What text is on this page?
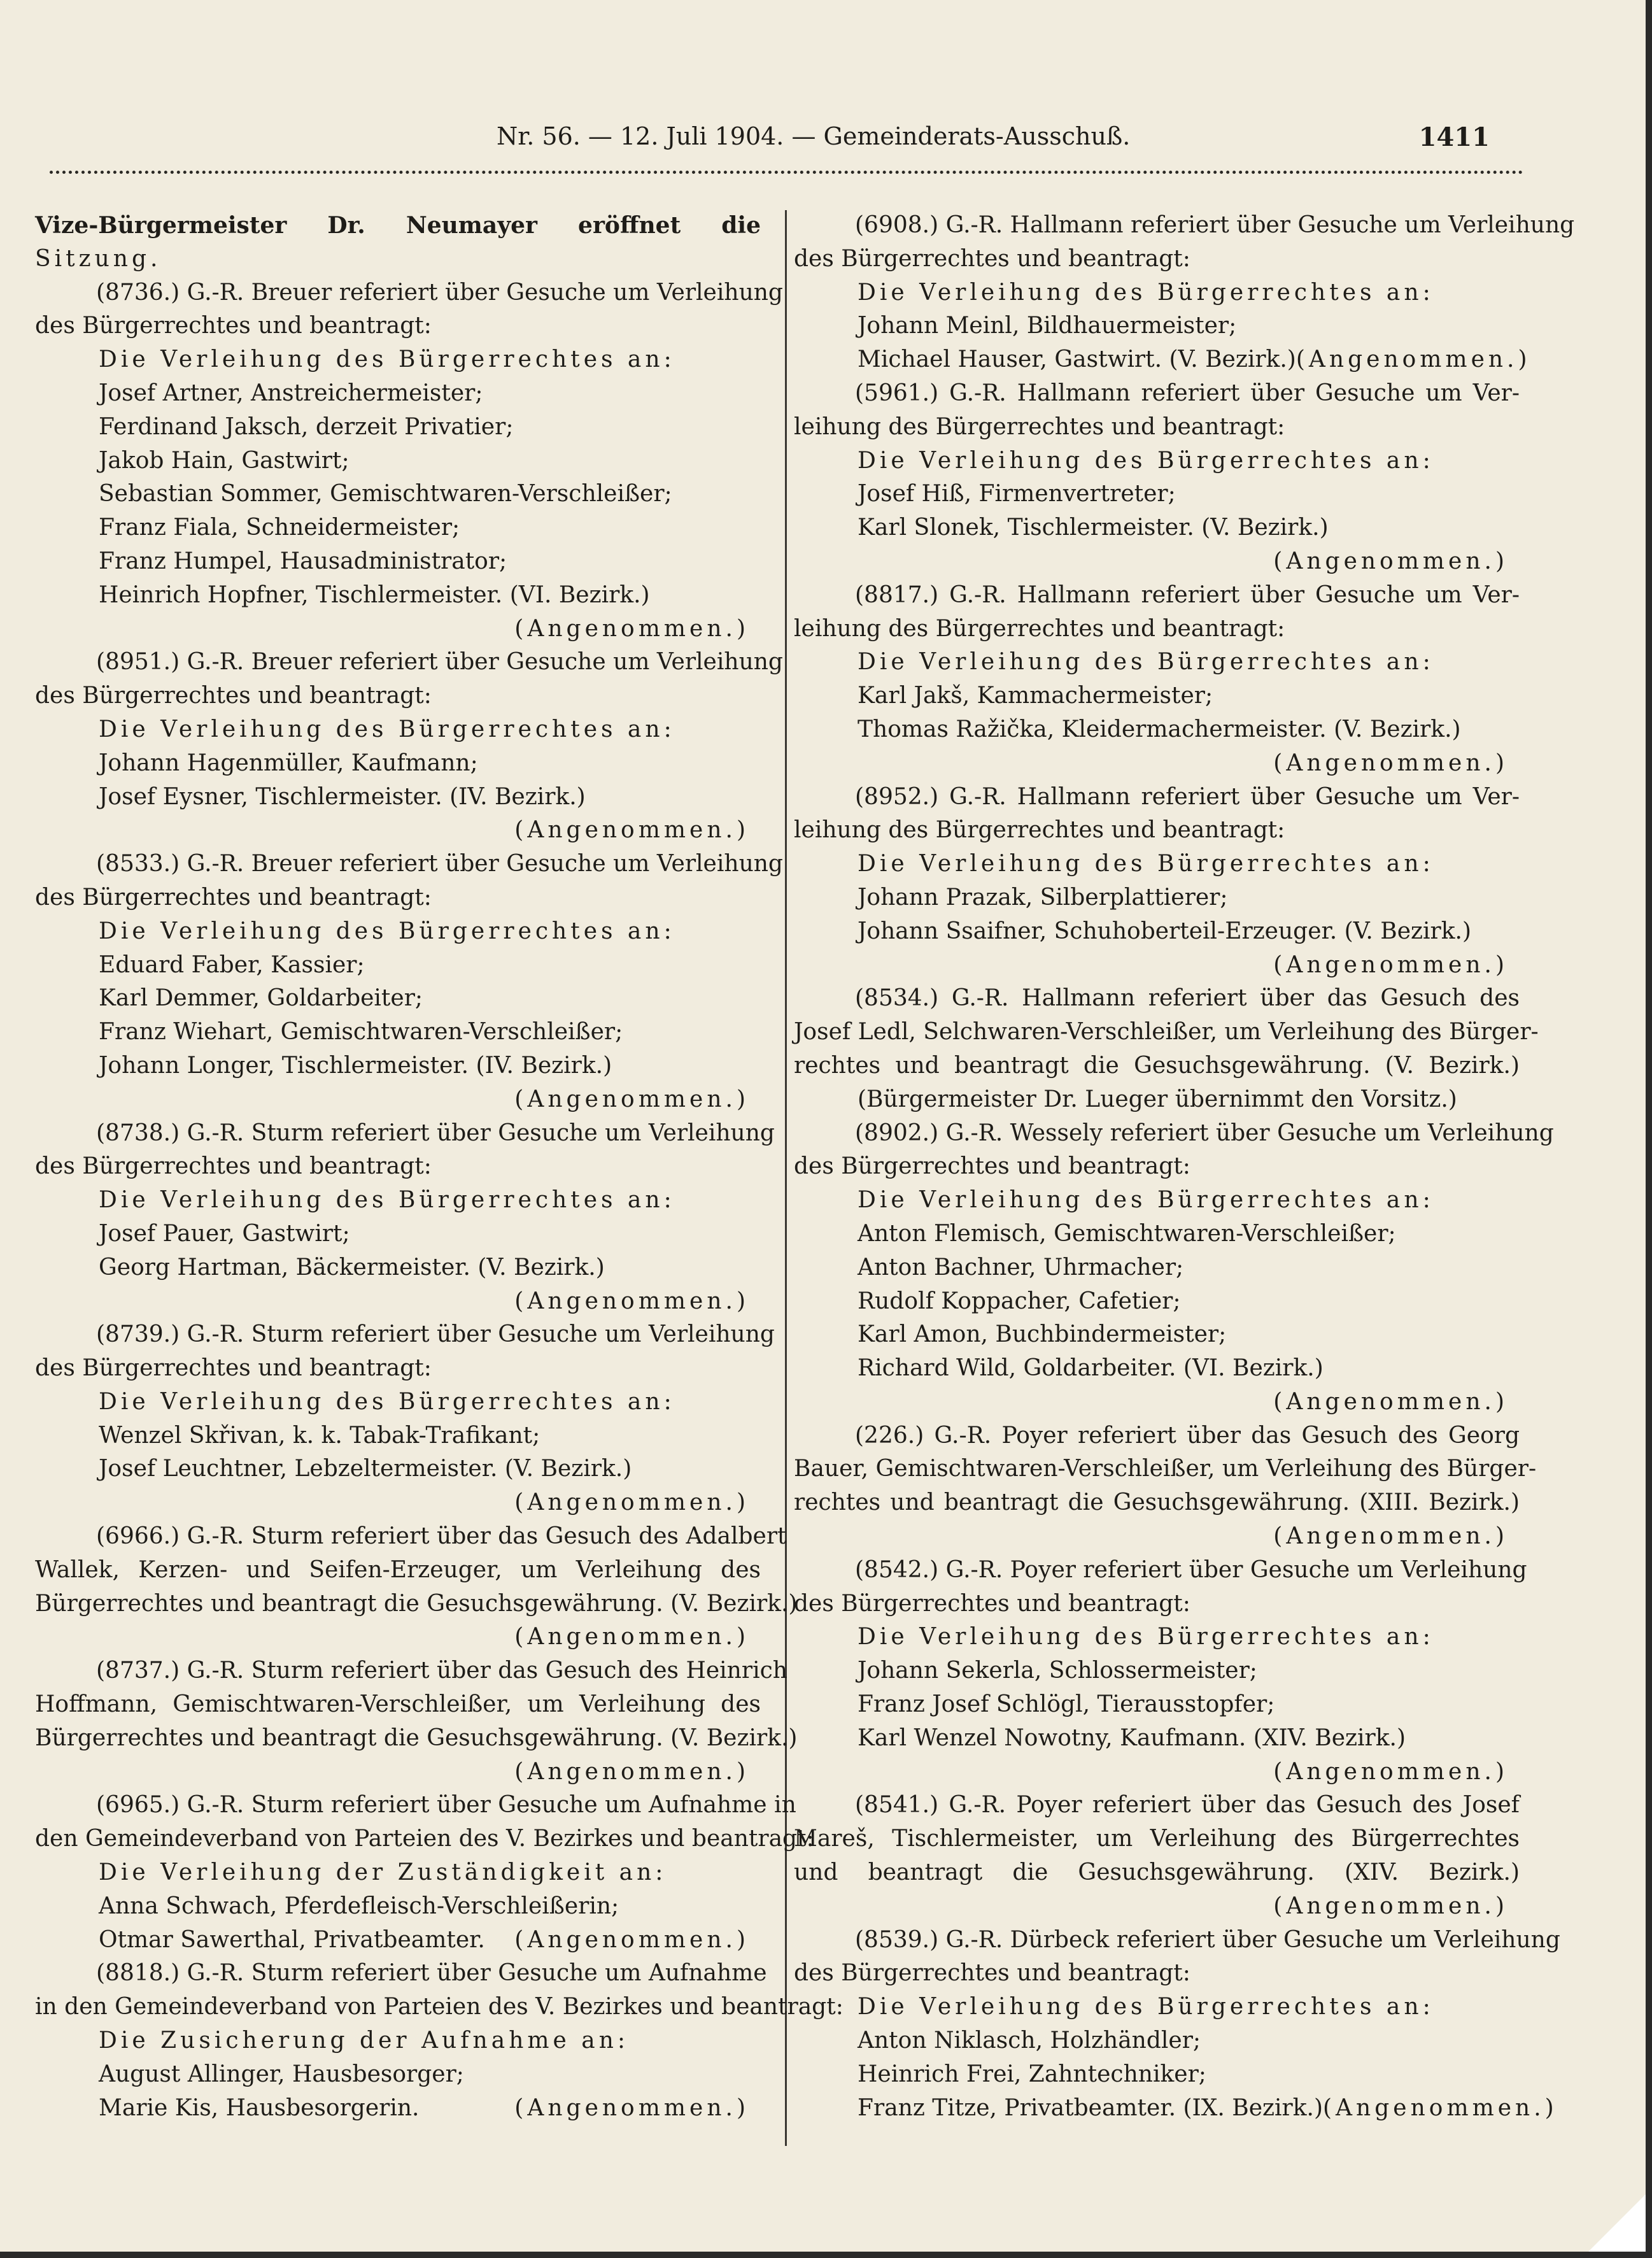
Nr. 56. — 12. Juli 1904. — Gemeinderats-Ausschuß.	1411
Vize-Bürgermeister Dr. Neumayer eröffnet die
Sitzung.
(8736.) G.-R. Breuer referiert über Gesuche um Verleihung
des Bürgerrechtes und beantragt:
Die Verleihung des Bürgerrechtes an:
Josef Artner, Anstreichermeister;
Ferdinand Jaksch, derzeit Privatier;
Jakob Hain, Gastwirt;
Sebastian Sommer, Gemischtwaren-Verschleißer;
Franz Fiala, Schneidermeister;
Franz Humpel, Hausadministrator;
Heinrich Hopfner, Tischlermeister. (VI. Bezirk.)
(Angenommen.)
(8951.) G.-R. Breuer referiert über Gesuche um Verleihung
des Bürgerrechtes und beantragt:
Die Verleihung des Bürgerrechtes an:
Johann Hagenmüller, Kaufmann;
Josef Eysner, Tischlermeister. (IV. Bezirk.)
(Angenommen.)
(8533.) G.-R. Breuer referiert über Gesuche um Verleihung
des Bürgerrechtes und beantragt:
Die Verleihung des Bürgerrechtes an:
Eduard Faber, Kassier;
Karl Demmer, Goldarbeiter;
Franz Wiehart, Gemischtwaren-Verschleißer;
Johann Longer, Tischlermeister. (IV. Bezirk.)
(Angenommen.)
(8738.) G.-R. Sturm referiert über Gesuche um Verleihung
des Bürgerrechtes und beantragt:
Die Verleihung des Bürgerrechtes an:
Josef Pauer, Gastwirt;
Georg Hartman, Bäckermeister. (V. Bezirk.)
(Angenommen.)
(8739.) G.-R. Sturm referiert über Gesuche um Verleihung
des Bürgerrechtes und beantragt:
Die Verleihung des Bürgerrechtes an:
Wenzel Skřivan, k. k. Tabak-Trafikant;
Josef Leuchtner, Lebzeltermeister. (V. Bezirk.)
(Angenommen.)
(6966.) G.-R. Sturm referiert über das Gesuch des Adalbert
Wallek, Kerzen- und Seifen-Erzeuger, um Verleihung des
Bürgerrechtes und beantragt die Gesuchsgewährung. (V. Bezirk.)
(Angenommen.)
(8737.) G.-R. Sturm referiert über das Gesuch des Heinrich
Hoffmann, Gemischtwaren-Verschleißer, um Verleihung des
Bürgerrechtes und beantragt die Gesuchsgewährung. (V. Bezirk.)
(Angenommen.)
(6965.) G.-R. Sturm referiert über Gesuche um Aufnahme in
den Gemeindeverband von Parteien des V. Bezirkes und beantragt:
Die Verleihung der Zuständigkeit an:
Anna Schwach, Pferdefleisch-Verschleißerin;
Otmar Sawerthal, Privatbeamter. (Angenommen.)
(8818.) G.-R. Sturm referiert über Gesuche um Aufnahme
in den Gemeindeverband von Parteien des V. Bezirkes und beantragt:
Die Zusicherung der Aufnahme an:
August Allinger, Hausbesorger;
Marie Kis, Hausbesorgerin.	(Angenommen.)
(6908.) G.-R. Hallmann referiert über Gesuche um Verleihung
des Bürgerrechtes und beantragt:
Die Verleihung des Bürgerrechtes an:
Johann Meinl, Bildhauermeister;
Michael Hauser, Gastwirt. (V. Bezirk.) (Angenommen.)
(5961.) G.-R. Hallmann referiert über Gesuche um Ver-
leihung des Bürgerrechtes und beantragt:
Die Verleihung des Bürgerrechtes an:
Josef Hiß, Firmenvertreter;
Karl Slonek, Tischlermeister. (V. Bezirk.)
(Angenommen.)
(8817.) G.-R. Hallmann referiert über Gesuche um Ver-
leihung des Bürgerrechtes und beantragt:
Die Verleihung des Bürgerrechtes an:
Karl Jakš, Kammachermeister;
Thomas Ražička, Kleidermachermeister. (V. Bezirk.)
(Angenommen.)
(8952.) G.-R. Hallmann referiert über Gesuche um Ver-
leihung des Bürgerrechtes und beantragt:
Die Verleihung des Bürgerrechtes an:
Johann Prazak, Silberplattierer;
Johann Ssaifner, Schuhoberteil-Erzeuger. (V. Bezirk.)
(Angenommen.)
(8534.) G.-R. Hallmann referiert über das Gesuch des
Josef Ledl, Selchwaren-Verschleißer, um Verleihung des Bürger-
rechtes und beantragt die Gesuchsgewährung. (V. Bezirk.)
(Bürgermeister Dr. Lueger übernimmt den Vorsitz.)
(8902.) G.-R. Wessely referiert über Gesuche um Verleihung
des Bürgerrechtes und beantragt:
Die Verleihung des Bürgerrechtes an:
Anton Flemisch, Gemischtwaren-Verschleißer;
Anton Bachner, Uhrmacher;
Rudolf Koppacher, Cafetier;
Karl Amon, Buchbindermeister;
Richard Wild, Goldarbeiter. (VI. Bezirk.)
(Angenommen.)
(226.) G.-R. Poyer referiert über das Gesuch des Georg
Bauer, Gemischtwaren-Verschleißer, um Verleihung des Bürger-
rechtes und beantragt die Gesuchsgewährung. (XIII. Bezirk.)
(Angenommen.)
(8542.) G.-R. Poyer referiert über Gesuche um Verleihung
des Bürgerrechtes und beantragt:
Die Verleihung des Bürgerrechtes an:
Johann Sekerla, Schlossermeister;
Franz Josef Schlögl, Tierausstopfer;
Karl Wenzel Nowotny, Kaufmann. (XIV. Bezirk.)
(Angenommen.)
(8541.) G.-R. Poyer referiert über das Gesuch des Josef
Mareš, Tischlermeister, um Verleihung des Bürgerrechtes
und beantragt die Gesuchsgewährung. (XIV. Bezirk.)
(Angenommen.)
(8539.) G.-R. Dürbeck referiert über Gesuche um Verleihung
des Bürgerrechtes und beantragt:
Die Verleihung des Bürgerrechtes an:
Anton Niklasch, Holzhändler;
Heinrich Frei, Zahntechniker;
Franz Titze, Privatbeamter. (IX. Bezirk.) (Angenommen.)
